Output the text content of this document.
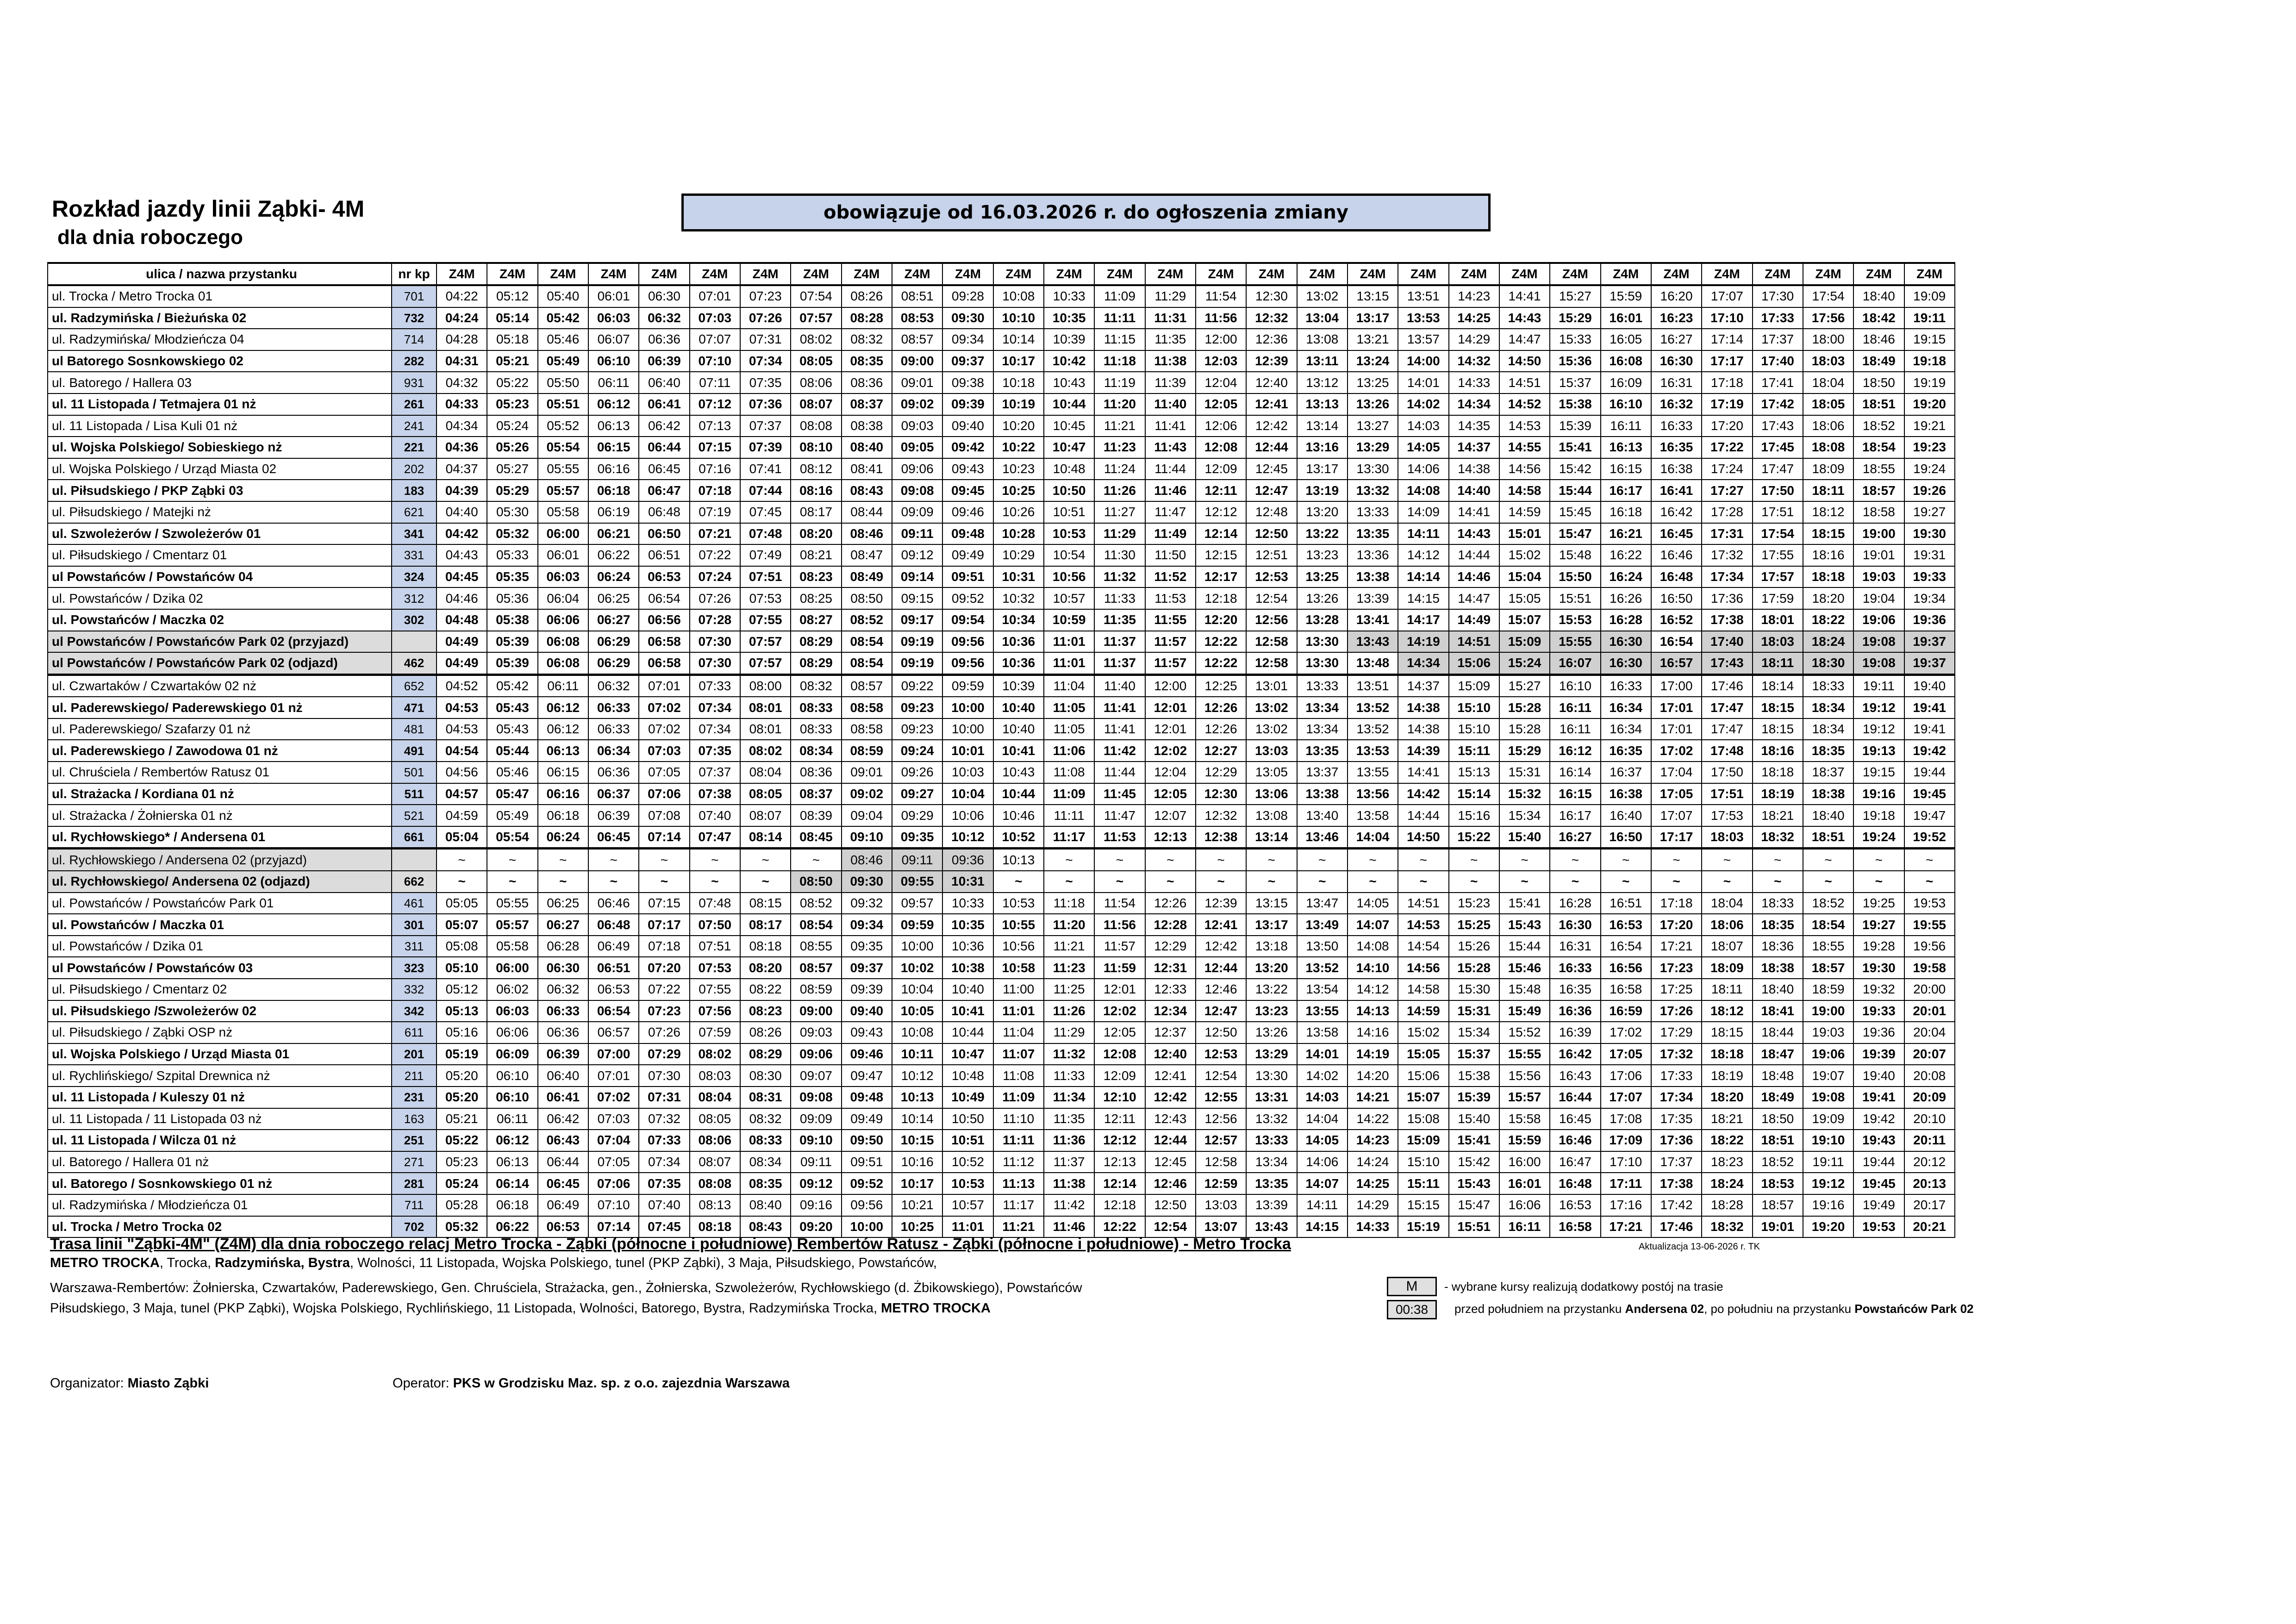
Rozkład jazdy linii Ząbki- 4M
dla dnia roboczego
obowiązuje od 16.03.2026 r. do ogłoszenia zmiany
ulica / nazwa przystanku	nr kp	Z4M	Z4M	Z4M	Z4M	Z4M	Z4M	Z4M	Z4M	Z4M	Z4M	Z4M	Z4M	Z4M	Z4M	Z4M	Z4M	Z4M	Z4M	Z4M	Z4M	Z4M	Z4M	Z4M	Z4M	Z4M	Z4M	Z4M	Z4M	Z4M	Z4M
ul. Trocka / Metro Trocka 01	701	04:22	05:12	05:40	06:01	06:30	07:01	07:23	07:54	08:26	08:51	09:28	10:08	10:33	11:09	11:29	11:54	12:30	13:02	13:15	13:51	14:23	14:41	15:27	15:59	16:20	17:07	17:30	17:54	18:40	19:09
ul. Radzymińska / Bieżuńska 02	732	04:24	05:14	05:42	06:03	06:32	07:03	07:26	07:57	08:28	08:53	09:30	10:10	10:35	11:11	11:31	11:56	12:32	13:04	13:17	13:53	14:25	14:43	15:29	16:01	16:23	17:10	17:33	17:56	18:42	19:11
ul. Radzymińska/ Młodzieńcza 04	714	04:28	05:18	05:46	06:07	06:36	07:07	07:31	08:02	08:32	08:57	09:34	10:14	10:39	11:15	11:35	12:00	12:36	13:08	13:21	13:57	14:29	14:47	15:33	16:05	16:27	17:14	17:37	18:00	18:46	19:15
ul Batorego Sosnkowskiego 02	282	04:31	05:21	05:49	06:10	06:39	07:10	07:34	08:05	08:35	09:00	09:37	10:17	10:42	11:18	11:38	12:03	12:39	13:11	13:24	14:00	14:32	14:50	15:36	16:08	16:30	17:17	17:40	18:03	18:49	19:18
ul. Batorego / Hallera 03	931	04:32	05:22	05:50	06:11	06:40	07:11	07:35	08:06	08:36	09:01	09:38	10:18	10:43	11:19	11:39	12:04	12:40	13:12	13:25	14:01	14:33	14:51	15:37	16:09	16:31	17:18	17:41	18:04	18:50	19:19
ul. 11 Listopada / Tetmajera 01 nż	261	04:33	05:23	05:51	06:12	06:41	07:12	07:36	08:07	08:37	09:02	09:39	10:19	10:44	11:20	11:40	12:05	12:41	13:13	13:26	14:02	14:34	14:52	15:38	16:10	16:32	17:19	17:42	18:05	18:51	19:20
ul. 11 Listopada / Lisa Kuli 01 nż	241	04:34	05:24	05:52	06:13	06:42	07:13	07:37	08:08	08:38	09:03	09:40	10:20	10:45	11:21	11:41	12:06	12:42	13:14	13:27	14:03	14:35	14:53	15:39	16:11	16:33	17:20	17:43	18:06	18:52	19:21
ul. Wojska Polskiego/ Sobieskiego nż	221	04:36	05:26	05:54	06:15	06:44	07:15	07:39	08:10	08:40	09:05	09:42	10:22	10:47	11:23	11:43	12:08	12:44	13:16	13:29	14:05	14:37	14:55	15:41	16:13	16:35	17:22	17:45	18:08	18:54	19:23
ul. Wojska Polskiego / Urząd Miasta 02	202	04:37	05:27	05:55	06:16	06:45	07:16	07:41	08:12	08:41	09:06	09:43	10:23	10:48	11:24	11:44	12:09	12:45	13:17	13:30	14:06	14:38	14:56	15:42	16:15	16:38	17:24	17:47	18:09	18:55	19:24
ul. Piłsudskiego / PKP Ząbki 03	183	04:39	05:29	05:57	06:18	06:47	07:18	07:44	08:16	08:43	09:08	09:45	10:25	10:50	11:26	11:46	12:11	12:47	13:19	13:32	14:08	14:40	14:58	15:44	16:17	16:41	17:27	17:50	18:11	18:57	19:26
ul. Piłsudskiego / Matejki nż	621	04:40	05:30	05:58	06:19	06:48	07:19	07:45	08:17	08:44	09:09	09:46	10:26	10:51	11:27	11:47	12:12	12:48	13:20	13:33	14:09	14:41	14:59	15:45	16:18	16:42	17:28	17:51	18:12	18:58	19:27
ul. Szwoleżerów / Szwoleżerów 01	341	04:42	05:32	06:00	06:21	06:50	07:21	07:48	08:20	08:46	09:11	09:48	10:28	10:53	11:29	11:49	12:14	12:50	13:22	13:35	14:11	14:43	15:01	15:47	16:21	16:45	17:31	17:54	18:15	19:00	19:30
ul. Piłsudskiego / Cmentarz 01	331	04:43	05:33	06:01	06:22	06:51	07:22	07:49	08:21	08:47	09:12	09:49	10:29	10:54	11:30	11:50	12:15	12:51	13:23	13:36	14:12	14:44	15:02	15:48	16:22	16:46	17:32	17:55	18:16	19:01	19:31
ul Powstańców / Powstańców 04	324	04:45	05:35	06:03	06:24	06:53	07:24	07:51	08:23	08:49	09:14	09:51	10:31	10:56	11:32	11:52	12:17	12:53	13:25	13:38	14:14	14:46	15:04	15:50	16:24	16:48	17:34	17:57	18:18	19:03	19:33
ul. Powstańców / Dzika 02	312	04:46	05:36	06:04	06:25	06:54	07:26	07:53	08:25	08:50	09:15	09:52	10:32	10:57	11:33	11:53	12:18	12:54	13:26	13:39	14:15	14:47	15:05	15:51	16:26	16:50	17:36	17:59	18:20	19:04	19:34
ul. Powstańców / Maczka 02	302	04:48	05:38	06:06	06:27	06:56	07:28	07:55	08:27	08:52	09:17	09:54	10:34	10:59	11:35	11:55	12:20	12:56	13:28	13:41	14:17	14:49	15:07	15:53	16:28	16:52	17:38	18:01	18:22	19:06	19:36
ul Powstańców / Powstańców Park 02 (przyjazd)		04:49	05:39	06:08	06:29	06:58	07:30	07:57	08:29	08:54	09:19	09:56	10:36	11:01	11:37	11:57	12:22	12:58	13:30	13:43	14:19	14:51	15:09	15:55	16:30	16:54	17:40	18:03	18:24	19:08	19:37
ul Powstańców / Powstańców Park 02 (odjazd)	462	04:49	05:39	06:08	06:29	06:58	07:30	07:57	08:29	08:54	09:19	09:56	10:36	11:01	11:37	11:57	12:22	12:58	13:30	13:48	14:34	15:06	15:24	16:07	16:30	16:57	17:43	18:11	18:30	19:08	19:37
ul. Czwartaków / Czwartaków 02 nż	652	04:52	05:42	06:11	06:32	07:01	07:33	08:00	08:32	08:57	09:22	09:59	10:39	11:04	11:40	12:00	12:25	13:01	13:33	13:51	14:37	15:09	15:27	16:10	16:33	17:00	17:46	18:14	18:33	19:11	19:40
ul. Paderewskiego/ Paderewskiego 01 nż	471	04:53	05:43	06:12	06:33	07:02	07:34	08:01	08:33	08:58	09:23	10:00	10:40	11:05	11:41	12:01	12:26	13:02	13:34	13:52	14:38	15:10	15:28	16:11	16:34	17:01	17:47	18:15	18:34	19:12	19:41
ul. Paderewskiego/ Szafarzy 01 nż	481	04:53	05:43	06:12	06:33	07:02	07:34	08:01	08:33	08:58	09:23	10:00	10:40	11:05	11:41	12:01	12:26	13:02	13:34	13:52	14:38	15:10	15:28	16:11	16:34	17:01	17:47	18:15	18:34	19:12	19:41
ul. Paderewskiego / Zawodowa 01 nż	491	04:54	05:44	06:13	06:34	07:03	07:35	08:02	08:34	08:59	09:24	10:01	10:41	11:06	11:42	12:02	12:27	13:03	13:35	13:53	14:39	15:11	15:29	16:12	16:35	17:02	17:48	18:16	18:35	19:13	19:42
ul. Chruściela / Rembertów Ratusz 01	501	04:56	05:46	06:15	06:36	07:05	07:37	08:04	08:36	09:01	09:26	10:03	10:43	11:08	11:44	12:04	12:29	13:05	13:37	13:55	14:41	15:13	15:31	16:14	16:37	17:04	17:50	18:18	18:37	19:15	19:44
ul. Strażacka / Kordiana 01 nż	511	04:57	05:47	06:16	06:37	07:06	07:38	08:05	08:37	09:02	09:27	10:04	10:44	11:09	11:45	12:05	12:30	13:06	13:38	13:56	14:42	15:14	15:32	16:15	16:38	17:05	17:51	18:19	18:38	19:16	19:45
ul. Strażacka / Żołnierska 01 nż	521	04:59	05:49	06:18	06:39	07:08	07:40	08:07	08:39	09:04	09:29	10:06	10:46	11:11	11:47	12:07	12:32	13:08	13:40	13:58	14:44	15:16	15:34	16:17	16:40	17:07	17:53	18:21	18:40	19:18	19:47
ul. Rychłowskiego* / Andersena 01	661	05:04	05:54	06:24	06:45	07:14	07:47	08:14	08:45	09:10	09:35	10:12	10:52	11:17	11:53	12:13	12:38	13:14	13:46	14:04	14:50	15:22	15:40	16:27	16:50	17:17	18:03	18:32	18:51	19:24	19:52
ul. Rychłowskiego / Andersena 02 (przyjazd)		~	~	~	~	~	~	~	~	08:46	09:11	09:36	10:13	~	~	~	~	~	~	~	~	~	~	~	~	~	~	~	~	~	~
ul. Rychłowskiego/ Andersena 02 (odjazd)	662	~	~	~	~	~	~	~	08:50	09:30	09:55	10:31	~	~	~	~	~	~	~	~	~	~	~	~	~	~	~	~	~	~	~
ul. Powstańców / Powstańców Park 01	461	05:05	05:55	06:25	06:46	07:15	07:48	08:15	08:52	09:32	09:57	10:33	10:53	11:18	11:54	12:26	12:39	13:15	13:47	14:05	14:51	15:23	15:41	16:28	16:51	17:18	18:04	18:33	18:52	19:25	19:53
ul. Powstańców / Maczka 01	301	05:07	05:57	06:27	06:48	07:17	07:50	08:17	08:54	09:34	09:59	10:35	10:55	11:20	11:56	12:28	12:41	13:17	13:49	14:07	14:53	15:25	15:43	16:30	16:53	17:20	18:06	18:35	18:54	19:27	19:55
ul. Powstańców / Dzika 01	311	05:08	05:58	06:28	06:49	07:18	07:51	08:18	08:55	09:35	10:00	10:36	10:56	11:21	11:57	12:29	12:42	13:18	13:50	14:08	14:54	15:26	15:44	16:31	16:54	17:21	18:07	18:36	18:55	19:28	19:56
ul Powstańców / Powstańców 03	323	05:10	06:00	06:30	06:51	07:20	07:53	08:20	08:57	09:37	10:02	10:38	10:58	11:23	11:59	12:31	12:44	13:20	13:52	14:10	14:56	15:28	15:46	16:33	16:56	17:23	18:09	18:38	18:57	19:30	19:58
ul. Piłsudskiego / Cmentarz 02	332	05:12	06:02	06:32	06:53	07:22	07:55	08:22	08:59	09:39	10:04	10:40	11:00	11:25	12:01	12:33	12:46	13:22	13:54	14:12	14:58	15:30	15:48	16:35	16:58	17:25	18:11	18:40	18:59	19:32	20:00
ul. Piłsudskiego /Szwoleżerów 02	342	05:13	06:03	06:33	06:54	07:23	07:56	08:23	09:00	09:40	10:05	10:41	11:01	11:26	12:02	12:34	12:47	13:23	13:55	14:13	14:59	15:31	15:49	16:36	16:59	17:26	18:12	18:41	19:00	19:33	20:01
ul. Piłsudskiego / Ząbki OSP nż	611	05:16	06:06	06:36	06:57	07:26	07:59	08:26	09:03	09:43	10:08	10:44	11:04	11:29	12:05	12:37	12:50	13:26	13:58	14:16	15:02	15:34	15:52	16:39	17:02	17:29	18:15	18:44	19:03	19:36	20:04
ul. Wojska Polskiego / Urząd Miasta 01	201	05:19	06:09	06:39	07:00	07:29	08:02	08:29	09:06	09:46	10:11	10:47	11:07	11:32	12:08	12:40	12:53	13:29	14:01	14:19	15:05	15:37	15:55	16:42	17:05	17:32	18:18	18:47	19:06	19:39	20:07
ul. Rychlińskiego/ Szpital Drewnica nż	211	05:20	06:10	06:40	07:01	07:30	08:03	08:30	09:07	09:47	10:12	10:48	11:08	11:33	12:09	12:41	12:54	13:30	14:02	14:20	15:06	15:38	15:56	16:43	17:06	17:33	18:19	18:48	19:07	19:40	20:08
ul. 11 Listopada / Kuleszy 01 nż	231	05:20	06:10	06:41	07:02	07:31	08:04	08:31	09:08	09:48	10:13	10:49	11:09	11:34	12:10	12:42	12:55	13:31	14:03	14:21	15:07	15:39	15:57	16:44	17:07	17:34	18:20	18:49	19:08	19:41	20:09
ul. 11 Listopada / 11 Listopada 03 nż	163	05:21	06:11	06:42	07:03	07:32	08:05	08:32	09:09	09:49	10:14	10:50	11:10	11:35	12:11	12:43	12:56	13:32	14:04	14:22	15:08	15:40	15:58	16:45	17:08	17:35	18:21	18:50	19:09	19:42	20:10
ul. 11 Listopada / Wilcza 01 nż	251	05:22	06:12	06:43	07:04	07:33	08:06	08:33	09:10	09:50	10:15	10:51	11:11	11:36	12:12	12:44	12:57	13:33	14:05	14:23	15:09	15:41	15:59	16:46	17:09	17:36	18:22	18:51	19:10	19:43	20:11
ul. Batorego / Hallera 01 nż	271	05:23	06:13	06:44	07:05	07:34	08:07	08:34	09:11	09:51	10:16	10:52	11:12	11:37	12:13	12:45	12:58	13:34	14:06	14:24	15:10	15:42	16:00	16:47	17:10	17:37	18:23	18:52	19:11	19:44	20:12
ul. Batorego / Sosnkowskiego 01 nż	281	05:24	06:14	06:45	07:06	07:35	08:08	08:35	09:12	09:52	10:17	10:53	11:13	11:38	12:14	12:46	12:59	13:35	14:07	14:25	15:11	15:43	16:01	16:48	17:11	17:38	18:24	18:53	19:12	19:45	20:13
ul. Radzymińska / Młodzieńcza 01	711	05:28	06:18	06:49	07:10	07:40	08:13	08:40	09:16	09:56	10:21	10:57	11:17	11:42	12:18	12:50	13:03	13:39	14:11	14:29	15:15	15:47	16:06	16:53	17:16	17:42	18:28	18:57	19:16	19:49	20:17
ul. Trocka / Metro Trocka 02	702	05:32	06:22	06:53	07:14	07:45	08:18	08:43	09:20	10:00	10:25	11:01	11:21	11:46	12:22	12:54	13:07	13:43	14:15	14:33	15:19	15:51	16:11	16:58	17:21	17:46	18:32	19:01	19:20	19:53	20:21
Trasa linii "Ząbki-4M" (Z4M) dla dnia roboczego relacj Metro Trocka - Ząbki (północne i południowe) Rembertów Ratusz - Ząbki (północne i południowe) - Metro Trocka	Aktualizacja 13-06-2026 r. TK
METRO TROCKA, Trocka, Radzymińska, Bystra, Wolności, 11 Listopada, Wojska Polskiego, tunel (PKP Ząbki), 3 Maja, Piłsudskiego, Powstańców,
Warszawa-Rembertów: Żołnierska, Czwartaków, Paderewskiego, Gen. Chruściela, Strażacka, gen., Żołnierska, Szwoleżerów, Rychłowskiego (d. Żbikowskiego), Powstańców
Piłsudskiego, 3 Maja, tunel (PKP Ząbki), Wojska Polskiego, Rychlińskiego, 11 Listopada, Wolności, Batorego, Bystra, Radzymińska Trocka, METRO TROCKA
M	- wybrane kursy realizują dodatkowy postój na trasie
00:38	przed południem na przystanku Andersena 02, po południu na przystanku Powstańców Park 02
Organizator: Miasto Ząbki	Operator: PKS w Grodzisku Maz. sp. z o.o. zajezdnia Warszawa
